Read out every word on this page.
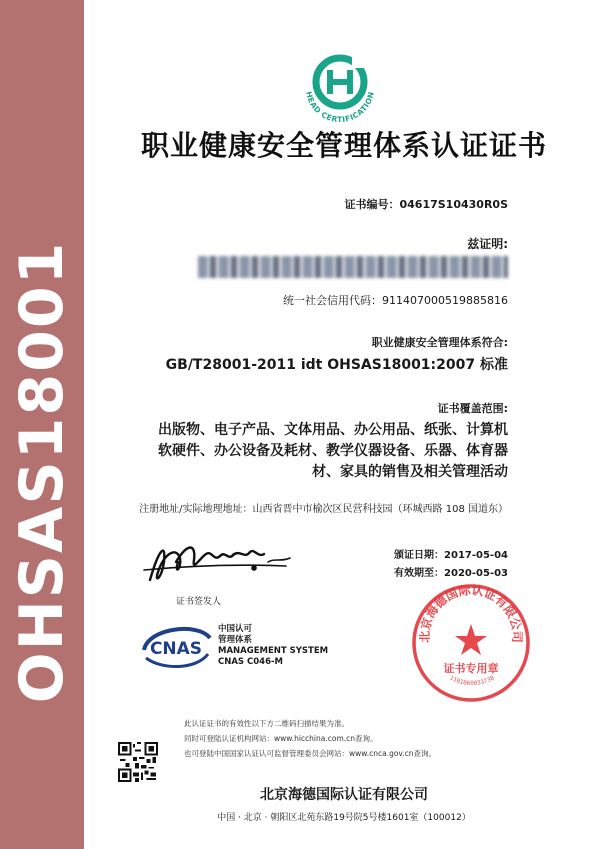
OHSAS18001
HEAD CERTIFICATION
职业健康安全管理体系认证证书
证书编号：04617S10430R0S
兹证明:
统一社会信用代码：911407000519885816
职业健康安全管理体系符合:
GB/T28001-2011 idt OHSAS18001:2007 标准
证书覆盖范围:
出版物、电子产品、文体用品、办公用品、纸张、计算机
软硬件、办公设备及耗材、教学仪器设备、乐器、体育器
材、家具的销售及相关管理活动
注册地址/实际地理地址：山西省晋中市榆次区民营科技园（环城西路 108 国道东）
颁证日期：2017-05-04
有效期至：2020-05-03
证书签发人
CNAS
中国认可
管理体系
MANAGEMENT SYSTEM
CNAS C046-M
北京海德国际认证有限公司
证书专用章
1101060033738
此认证证书的有效性以下方二维码扫描结果为准。
同时可登陆认证机构网站：www.hicchina.com.cn查询。
也可登陆中国国家认证认可监督管理委员会网站：www.cnca.gov.cn查询。
北京海德国际认证有限公司
中国 · 北京 · 朝阳区北苑东路19号院5号楼1601室（100012）
